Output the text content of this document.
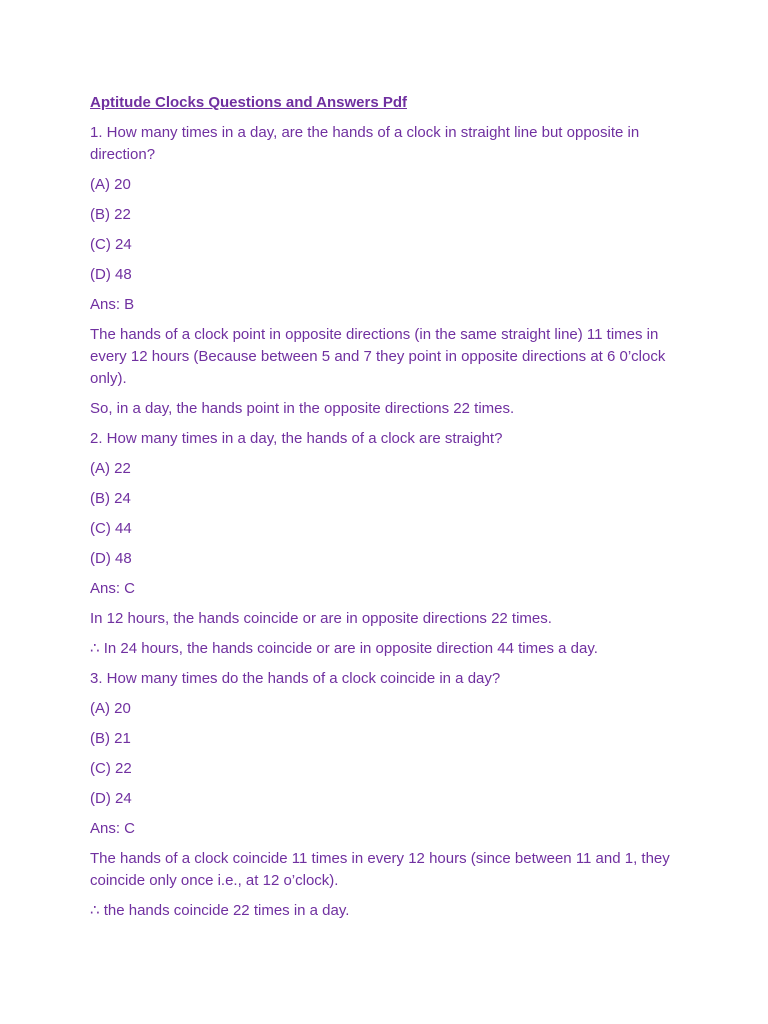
Aptitude Clocks Questions and Answers Pdf
1. How many times in a day, are the hands of a clock in straight line but opposite in direction?
(A) 20
(B) 22
(C) 24
(D) 48
Ans: B
The hands of a clock point in opposite directions (in the same straight line) 11 times in every 12 hours (Because between 5 and 7 they point in opposite directions at 6 0’clock only).
So, in a day, the hands point in the opposite directions 22 times.
2. How many times in a day, the hands of a clock are straight?
(A) 22
(B) 24
(C) 44
(D) 48
Ans: C
In 12 hours, the hands coincide or are in opposite directions 22 times.
∴ In 24 hours, the hands coincide or are in opposite direction 44 times a day.
3. How many times do the hands of a clock coincide in a day?
(A) 20
(B) 21
(C) 22
(D) 24
Ans: C
The hands of a clock coincide 11 times in every 12 hours (since between 11 and 1, they coincide only once i.e., at 12 o’clock).
∴ the hands coincide 22 times in a day.
